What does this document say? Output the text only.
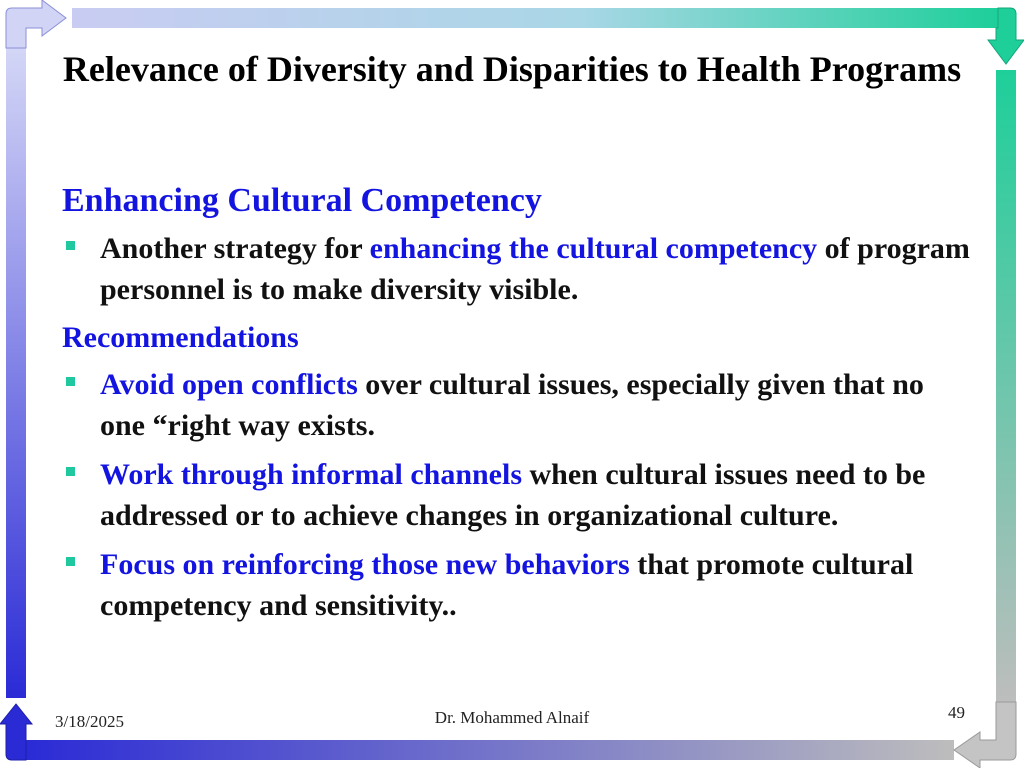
Relevance of Diversity and Disparities to Health Programs
Enhancing Cultural Competency
Another strategy for enhancing the cultural competency of program personnel is to make diversity visible.
Recommendations
Avoid open conflicts over cultural issues, especially given that no one “right way exists.
Work through informal channels when cultural issues need to be addressed or to achieve changes in organizational culture.
Focus on reinforcing those new behaviors that promote cultural competency and sensitivity..
3/18/2025	Dr. Mohammed Alnaif	49
